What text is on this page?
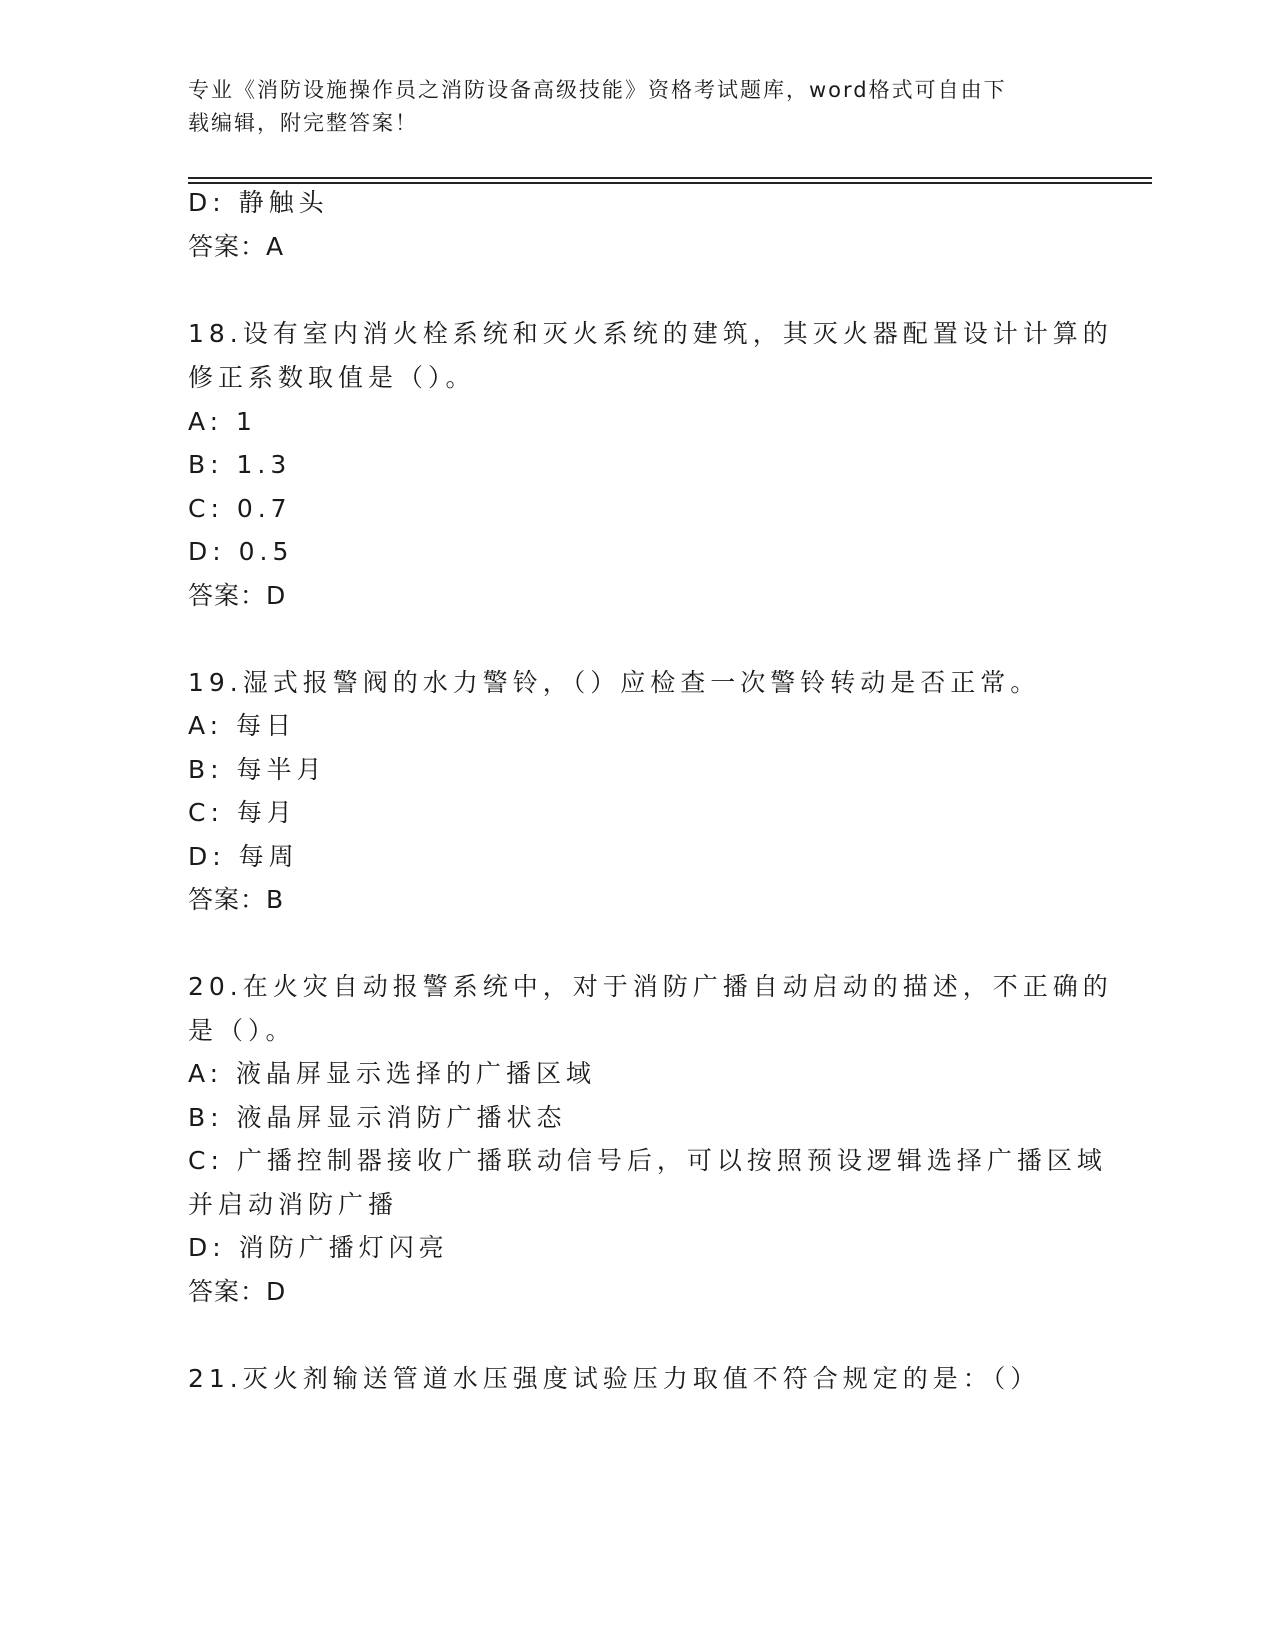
专业《消防设施操作员之消防设备高级技能》资格考试题库，word格式可自由下
载编辑，附完整答案！
D: 静触头
答案：A
18.设有室内消火栓系统和灭火系统的建筑，其灭火器配置设计计算的
修正系数取值是（）。
A: 1
B: 1.3
C: 0.7
D: 0.5
答案：D
19.湿式报警阀的水力警铃，（）应检查一次警铃转动是否正常。
A: 每日
B: 每半月
C: 每月
D: 每周
答案：B
20.在火灾自动报警系统中，对于消防广播自动启动的描述，不正确的
是（）。
A: 液晶屏显示选择的广播区域
B: 液晶屏显示消防广播状态
C: 广播控制器接收广播联动信号后，可以按照预设逻辑选择广播区域
并启动消防广播
D: 消防广播灯闪亮
答案：D
21.灭火剂输送管道水压强度试验压力取值不符合规定的是：（）
